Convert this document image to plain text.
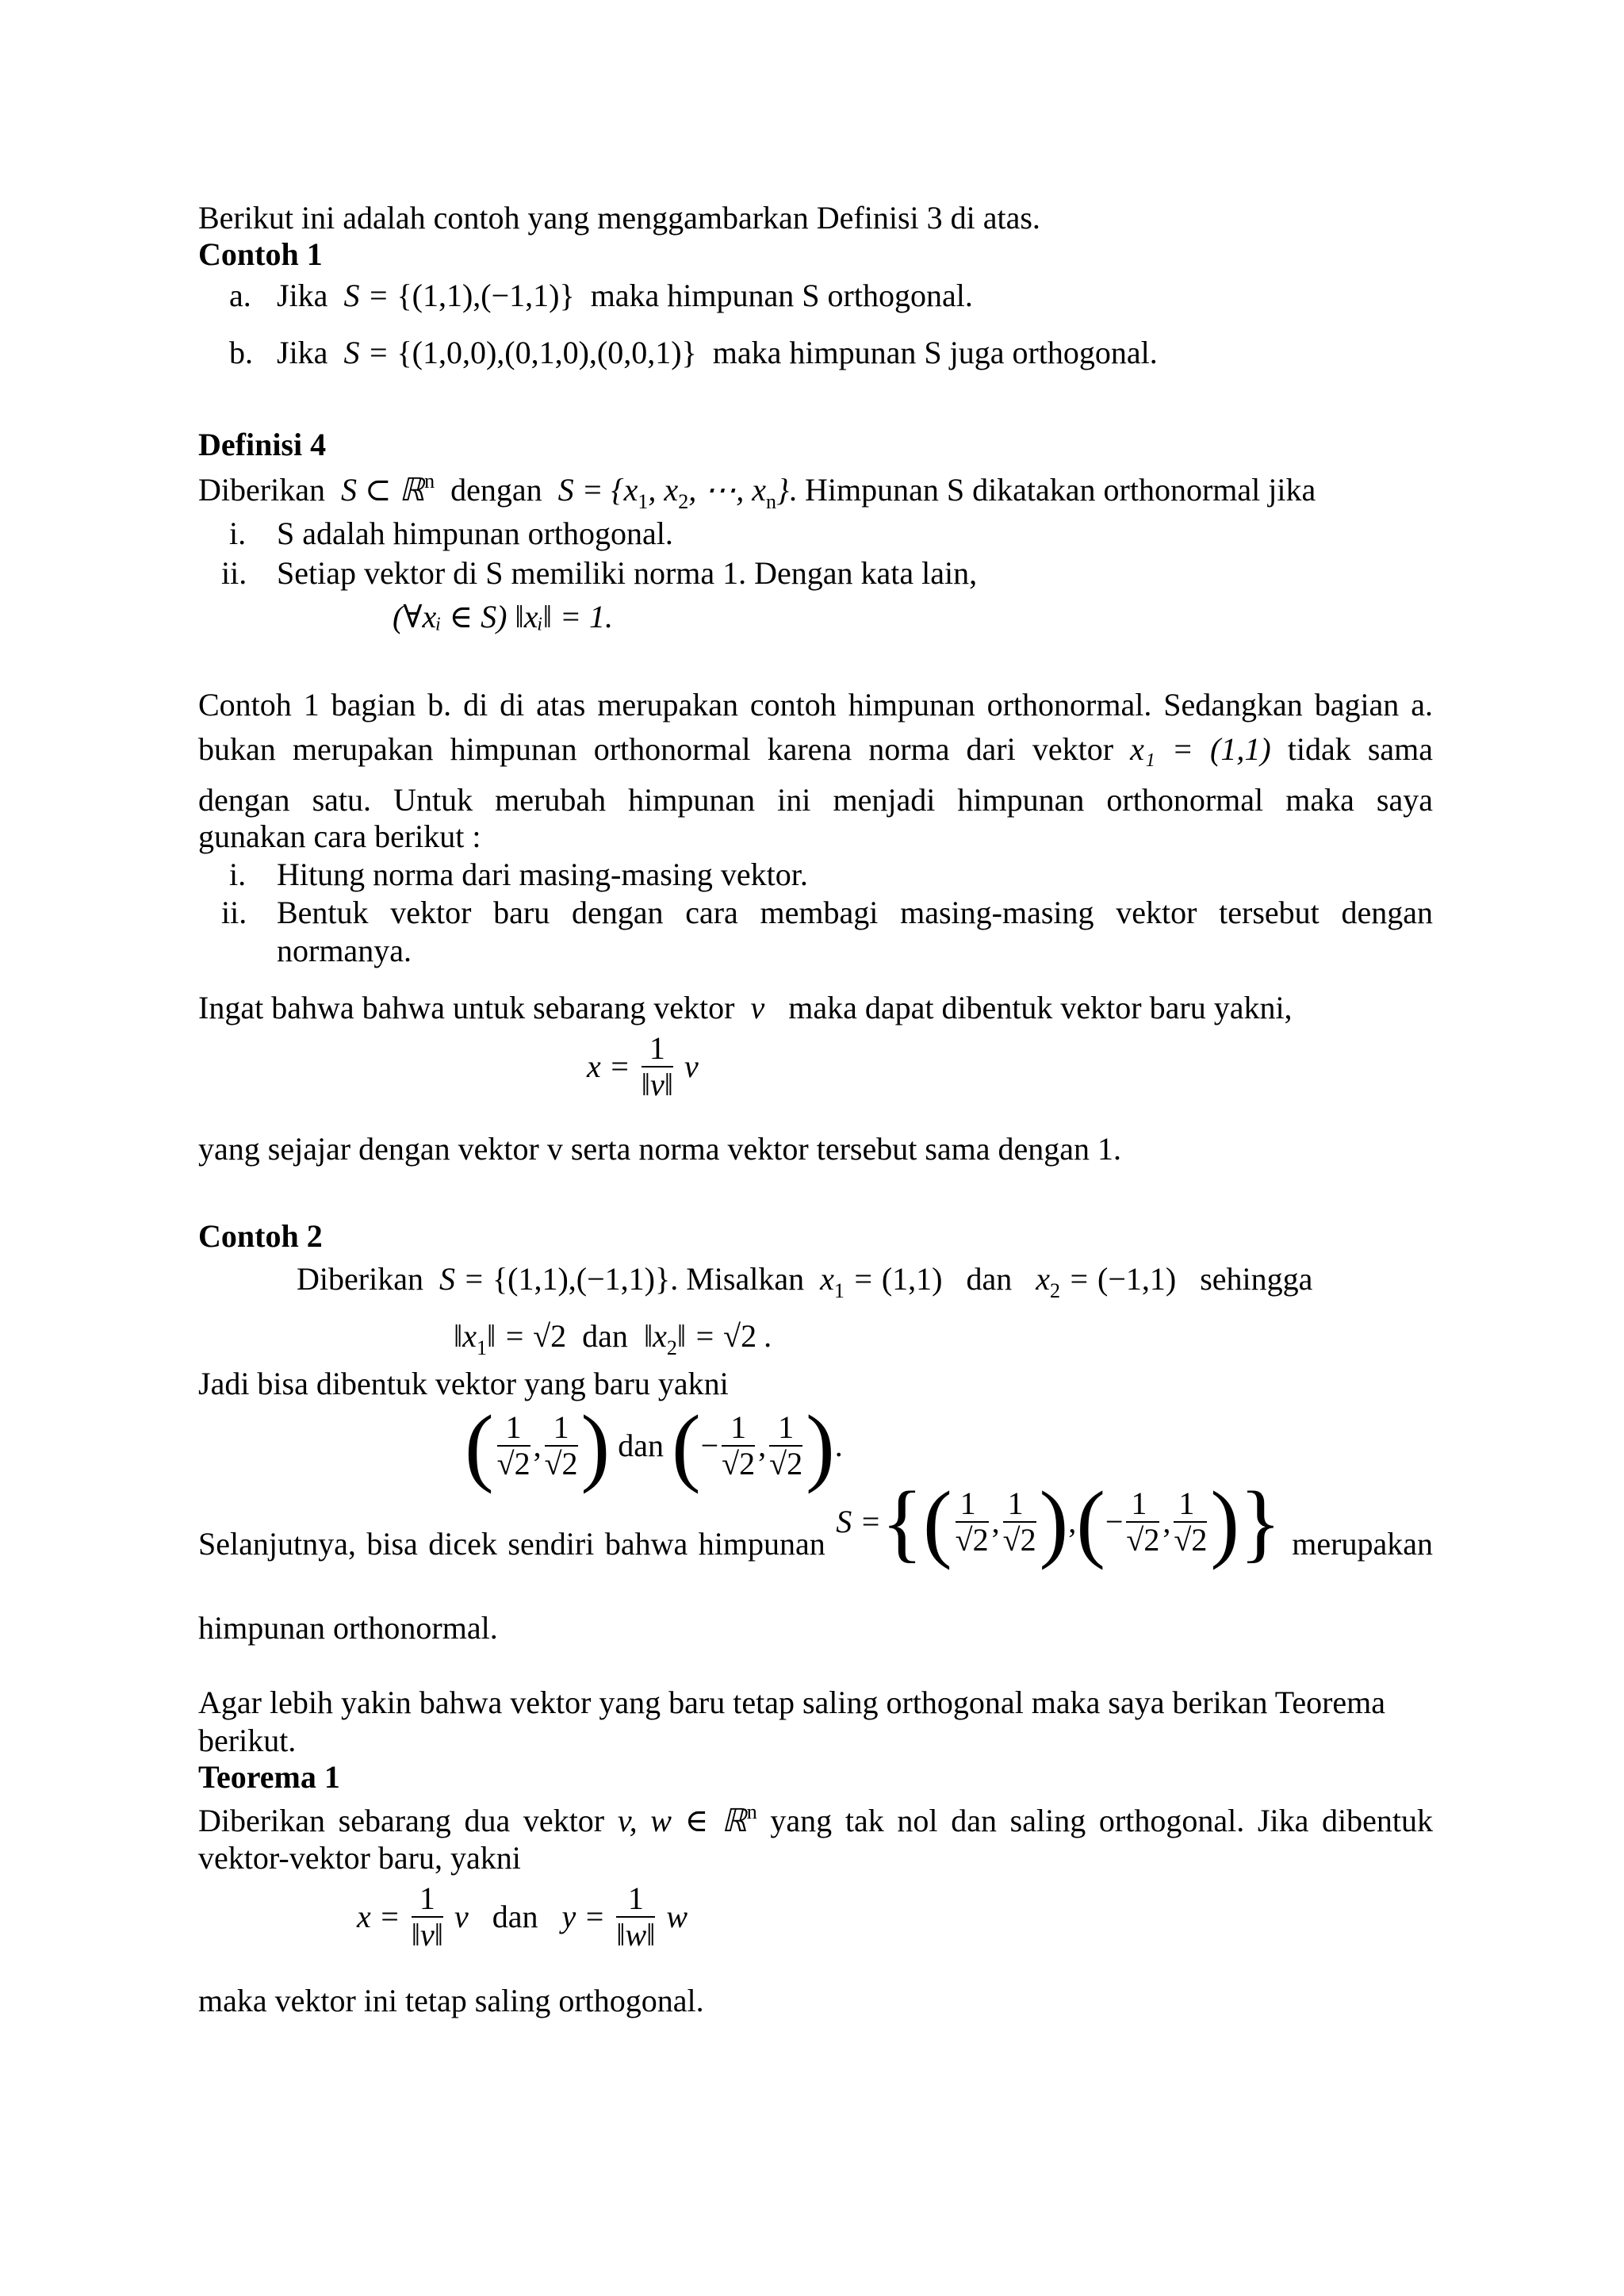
Berikut ini adalah contoh yang menggambarkan Definisi 3 di atas.
Contoh 1
a. Jika  S = {(1,1),(−1,1)} maka himpunan S orthogonal.
b. Jika  S = {(1,0,0),(0,1,0),(0,0,1)} maka himpunan S juga orthogonal.
Definisi 4
Diberikan  S ⊂ ℝ$^n$ dengan  $S = \{x_1$, $x_2$, ⋯, $x_n$}. Himpunan S dikatakan orthonormal jika
i. S adalah himpunan orthogonal.
ii. Setiap vektor di S memiliki norma 1. Dengan kata lain,
(∀xᵢ ∈ S) ‖xᵢ‖ = 1.
Contoh 1 bagian b. di di atas merupakan contoh himpunan orthonormal. Sedangkan bagian a.
bukan merupakan himpunan orthonormal karena norma dari vektor x₁ = (1,1) tidak sama
dengan satu. Untuk merubah himpunan ini menjadi himpunan orthonormal maka saya
gunakan cara berikut :
i. Hitung norma dari masing-masing vektor.
ii. Bentuk vektor baru dengan cara membagi masing-masing vektor tersebut dengan
normanya.
Ingat bahwa bahwa untuk sebarang vektor  v   maka dapat dibentuk vektor baru yakni,
$x = \frac{1}{‖v‖}$ v
yang sejajar dengan vektor v serta norma vektor tersebut sama dengan 1.
Contoh 2
Diberikan  S = {(1,1),(−1,1)}. Misalkan  $x_1 = (1,1)$ dan   $x_2 = (-1,1)$ sehingga
$‖x_1‖ = √2$ dan  $‖x_2‖ = √2$ .
Jadi bisa dibentuk vektor yang baru yakni
( $\frac{1}{√2}$ , $\frac{1}{√2}$ ) dan (− $\frac{1}{√2}$ , $\frac{1}{√2}$ ).
Selanjutnya, bisa dicek sendiri bahwa himpunan S ={( $\frac{1}{√2}$ , $\frac{1}{√2}$ ),(− $\frac{1}{√2}$ , $\frac{1}{√2}$ )} merupakan
himpunan orthonormal.
Agar lebih yakin bahwa vektor yang baru tetap saling orthogonal maka saya berikan Teorema
berikut.
Teorema 1
Diberikan sebarang dua vektor v, w ∈ ℝ$^n$ yang tak nol dan saling orthogonal. Jika dibentuk
vektor-vektor baru, yakni
$x = \frac{1}{‖v‖}$ v   dan   $y = \frac{1}{‖w‖}$ w
maka vektor ini tetap saling orthogonal.
